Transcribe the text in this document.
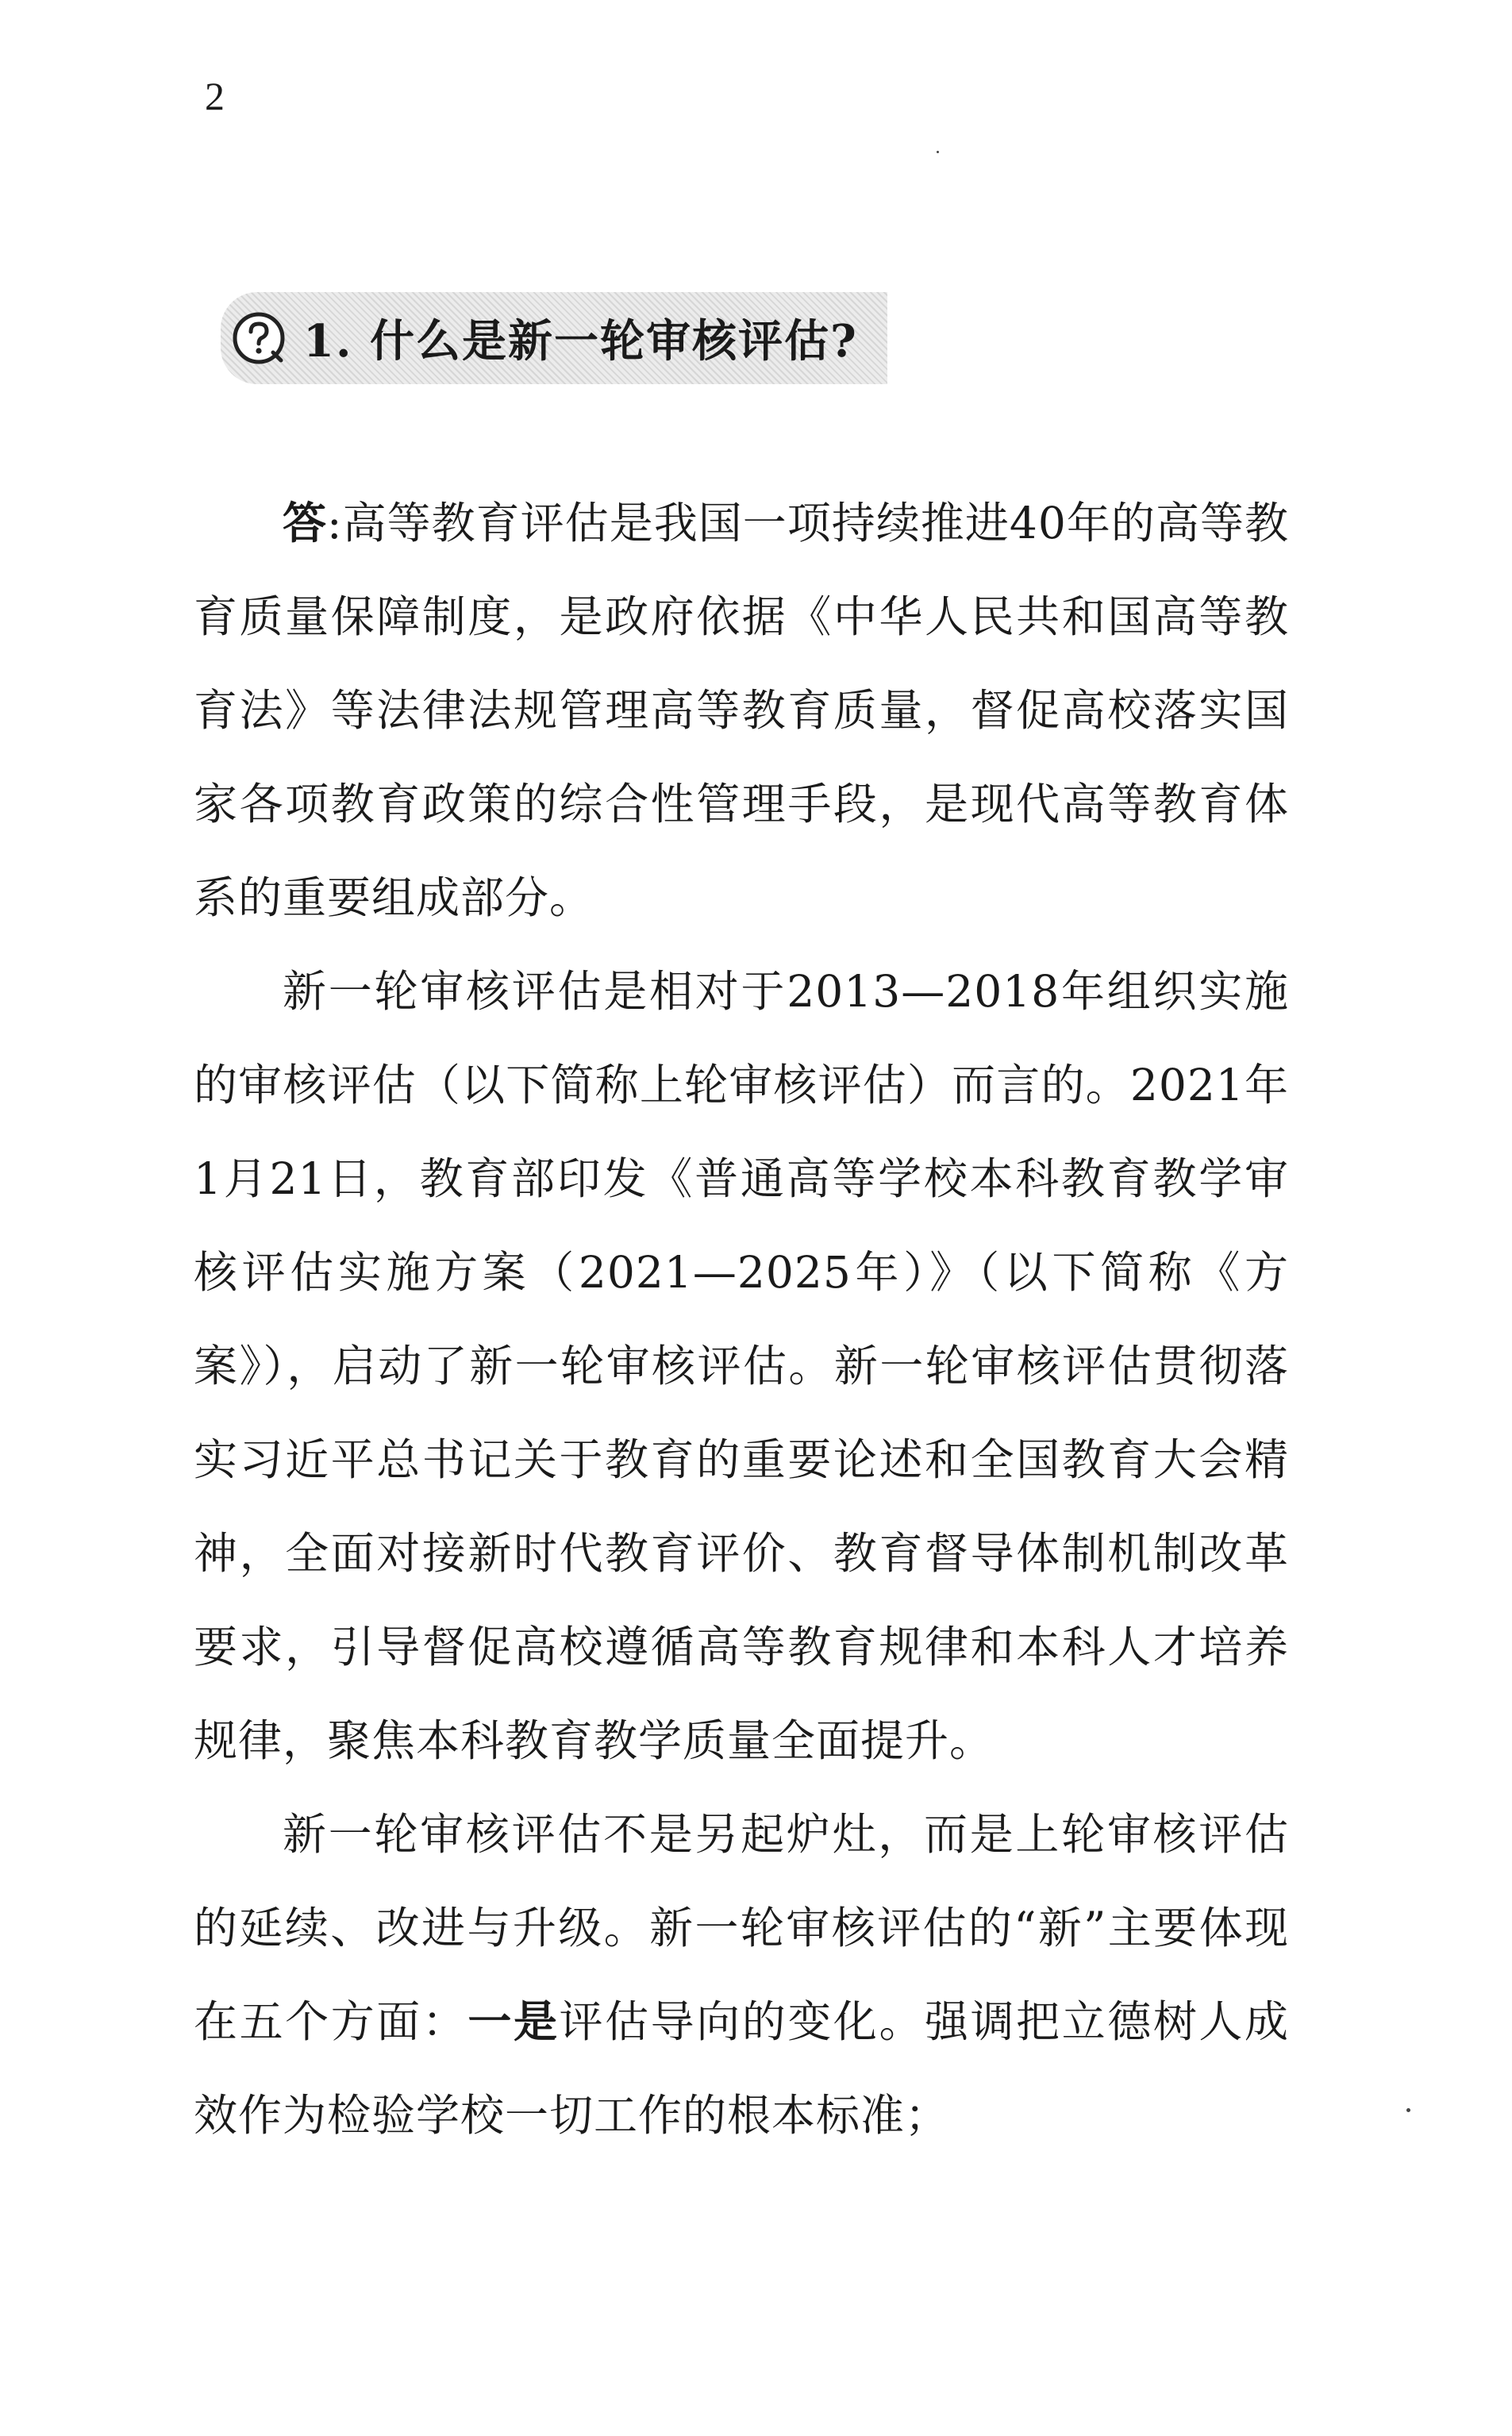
2
1. 什么是新一轮审核评估?

答:高等教育评估是我国一项持续推进40年的高等教育质量保障制度，是政府依据《中华人民共和国高等教育法》等法律法规管理高等教育质量，督促高校落实国家各项教育政策的综合性管理手段，是现代高等教育体系的重要组成部分。

新一轮审核评估是相对于2013—2018年组织实施的审核评估（以下简称上轮审核评估）而言的。2021年1月21日，教育部印发《普通高等学校本科教育教学审核评估实施方案（2021—2025年）》（以下简称《方案》），启动了新一轮审核评估。新一轮审核评估贯彻落实习近平总书记关于教育的重要论述和全国教育大会精神，全面对接新时代教育评价、教育督导体制机制改革要求，引导督促高校遵循高等教育规律和本科人才培养规律，聚焦本科教育教学质量全面提升。

新一轮审核评估不是另起炉灶，而是上轮审核评估的延续、改进与升级。新一轮审核评估的“新”主要体现在五个方面：一是评估导向的变化。强调把立德树人成效作为检验学校一切工作的根本标准；
